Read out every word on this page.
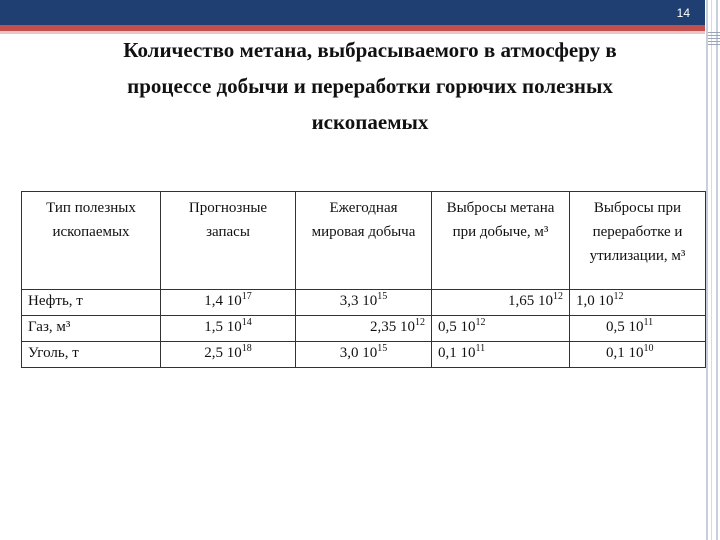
14
Количество метана, выбрасываемого в атмосферу в процессе добычи и переработки горючих полезных ископаемых
Тип полезных ископаемых	Прогнозные запасы	Ежегодная мировая добыча	Выбросы метана при добыче, м³	Выбросы при переработке и утилизации, м³
Нефть, т	1,4 $10^{17}$	3,3 $10^{15}$	1,65 $10^{12}$	1,0 $10^{12}$
Газ, м³	1,5 $10^{14}$	2,35 $10^{12}$	0,5 $10^{12}$	0,5 $10^{11}$
Уголь, т	2,5 $10^{18}$	3,0 $10^{15}$	0,1 $10^{11}$	0,1 $10^{10}$
